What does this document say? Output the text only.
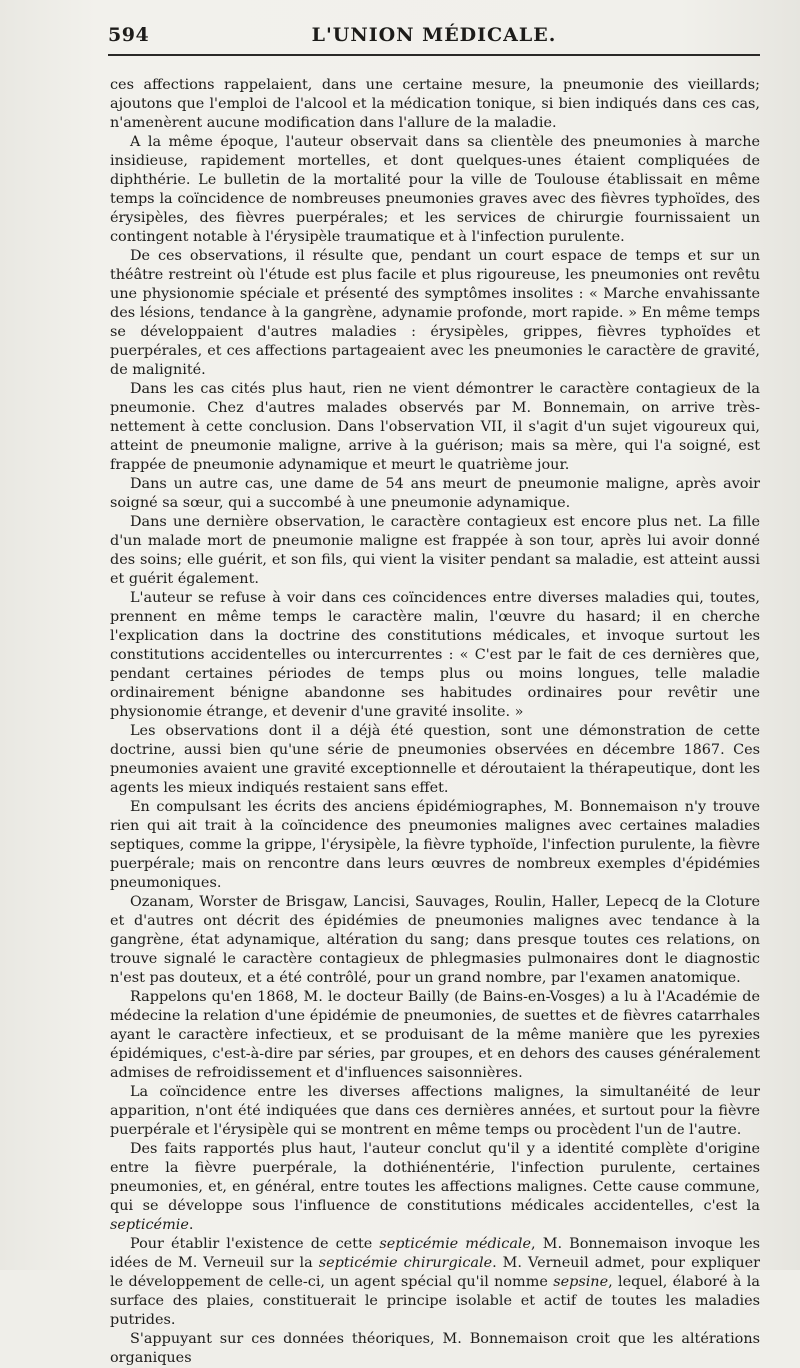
594	L'UNION MÉDICALE.

ces affections rappelaient, dans une certaine mesure, la pneumonie des vieillards; ajoutons que l'emploi de l'alcool et la médication tonique, si bien indiqués dans ces cas, n'amenèrent aucune modification dans l'allure de la maladie.

A la même époque, l'auteur observait dans sa clientèle des pneumonies à marche insidieuse, rapidement mortelles, et dont quelques-unes étaient compliquées de diphthérie. Le bulletin de la mortalité pour la ville de Toulouse établissait en même temps la coïncidence de nombreuses pneumonies graves avec des fièvres typhoïdes, des érysipèles, des fièvres puerpérales; et les services de chirurgie fournissaient un contingent notable à l'érysipèle traumatique et à l'infection purulente.

De ces observations, il résulte que, pendant un court espace de temps et sur un théâtre restreint où l'étude est plus facile et plus rigoureuse, les pneumonies ont revêtu une physionomie spéciale et présenté des symptômes insolites : « Marche envahissante des lésions, tendance à la gangrène, adynamie profonde, mort rapide. » En même temps se développaient d'autres maladies : érysipèles, grippes, fièvres typhoïdes et puerpérales, et ces affections partageaient avec les pneumonies le caractère de gravité, de malignité.

Dans les cas cités plus haut, rien ne vient démontrer le caractère contagieux de la pneumonie. Chez d'autres malades observés par M. Bonnemain, on arrive très-nettement à cette conclusion. Dans l'observation VII, il s'agit d'un sujet vigoureux qui, atteint de pneumonie maligne, arrive à la guérison; mais sa mère, qui l'a soigné, est frappée de pneumonie adynamique et meurt le quatrième jour.

Dans un autre cas, une dame de 54 ans meurt de pneumonie maligne, après avoir soigné sa sœur, qui a succombé à une pneumonie adynamique.

Dans une dernière observation, le caractère contagieux est encore plus net. La fille d'un malade mort de pneumonie maligne est frappée à son tour, après lui avoir donné des soins; elle guérit, et son fils, qui vient la visiter pendant sa maladie, est atteint aussi et guérit également.

L'auteur se refuse à voir dans ces coïncidences entre diverses maladies qui, toutes, prennent en même temps le caractère malin, l'œuvre du hasard; il en cherche l'explication dans la doctrine des constitutions médicales, et invoque surtout les constitutions accidentelles ou intercurrentes : « C'est par le fait de ces dernières que, pendant certaines périodes de temps plus ou moins longues, telle maladie ordinairement bénigne abandonne ses habitudes ordinaires pour revêtir une physionomie étrange, et devenir d'une gravité insolite. »

Les observations dont il a déjà été question, sont une démonstration de cette doctrine, aussi bien qu'une série de pneumonies observées en décembre 1867. Ces pneumonies avaient une gravité exceptionnelle et déroutaient la thérapeutique, dont les agents les mieux indiqués restaient sans effet.

En compulsant les écrits des anciens épidémiographes, M. Bonnemaison n'y trouve rien qui ait trait à la coïncidence des pneumonies malignes avec certaines maladies septiques, comme la grippe, l'érysipèle, la fièvre typhoïde, l'infection purulente, la fièvre puerpérale; mais on rencontre dans leurs œuvres de nombreux exemples d'épidémies pneumoniques.

Ozanam, Worster de Brisgaw, Lancisi, Sauvages, Roulin, Haller, Lepecq de la Cloture et d'autres ont décrit des épidémies de pneumonies malignes avec tendance à la gangrène, état adynamique, altération du sang; dans presque toutes ces relations, on trouve signalé le caractère contagieux de phlegmasies pulmonaires dont le diagnostic n'est pas douteux, et a été contrôlé, pour un grand nombre, par l'examen anatomique.

Rappelons qu'en 1868, M. le docteur Bailly (de Bains-en-Vosges) a lu à l'Académie de médecine la relation d'une épidémie de pneumonies, de suettes et de fièvres catarrhales ayant le caractère infectieux, et se produisant de la même manière que les pyrexies épidémiques, c'est-à-dire par séries, par groupes, et en dehors des causes généralement admises de refroidissement et d'influences saisonnières.

La coïncidence entre les diverses affections malignes, la simultanéité de leur apparition, n'ont été indiquées que dans ces dernières années, et surtout pour la fièvre puerpérale et l'érysipèle qui se montrent en même temps ou procèdent l'un de l'autre.

Des faits rapportés plus haut, l'auteur conclut qu'il y a identité complète d'origine entre la fièvre puerpérale, la dothiénentérie, l'infection purulente, certaines pneumonies, et, en général, entre toutes les affections malignes. Cette cause commune, qui se développe sous l'influence de constitutions médicales accidentelles, c'est la septicémie.

Pour établir l'existence de cette septicémie médicale, M. Bonnemaison invoque les idées de M. Verneuil sur la septicémie chirurgicale. M. Verneuil admet, pour expliquer le développement de celle-ci, un agent spécial qu'il nomme sepsine, lequel, élaboré à la surface des plaies, constituerait le principe isolable et actif de toutes les maladies putrides.

S'appuyant sur ces données théoriques, M. Bonnemaison croit que les altérations organiques
